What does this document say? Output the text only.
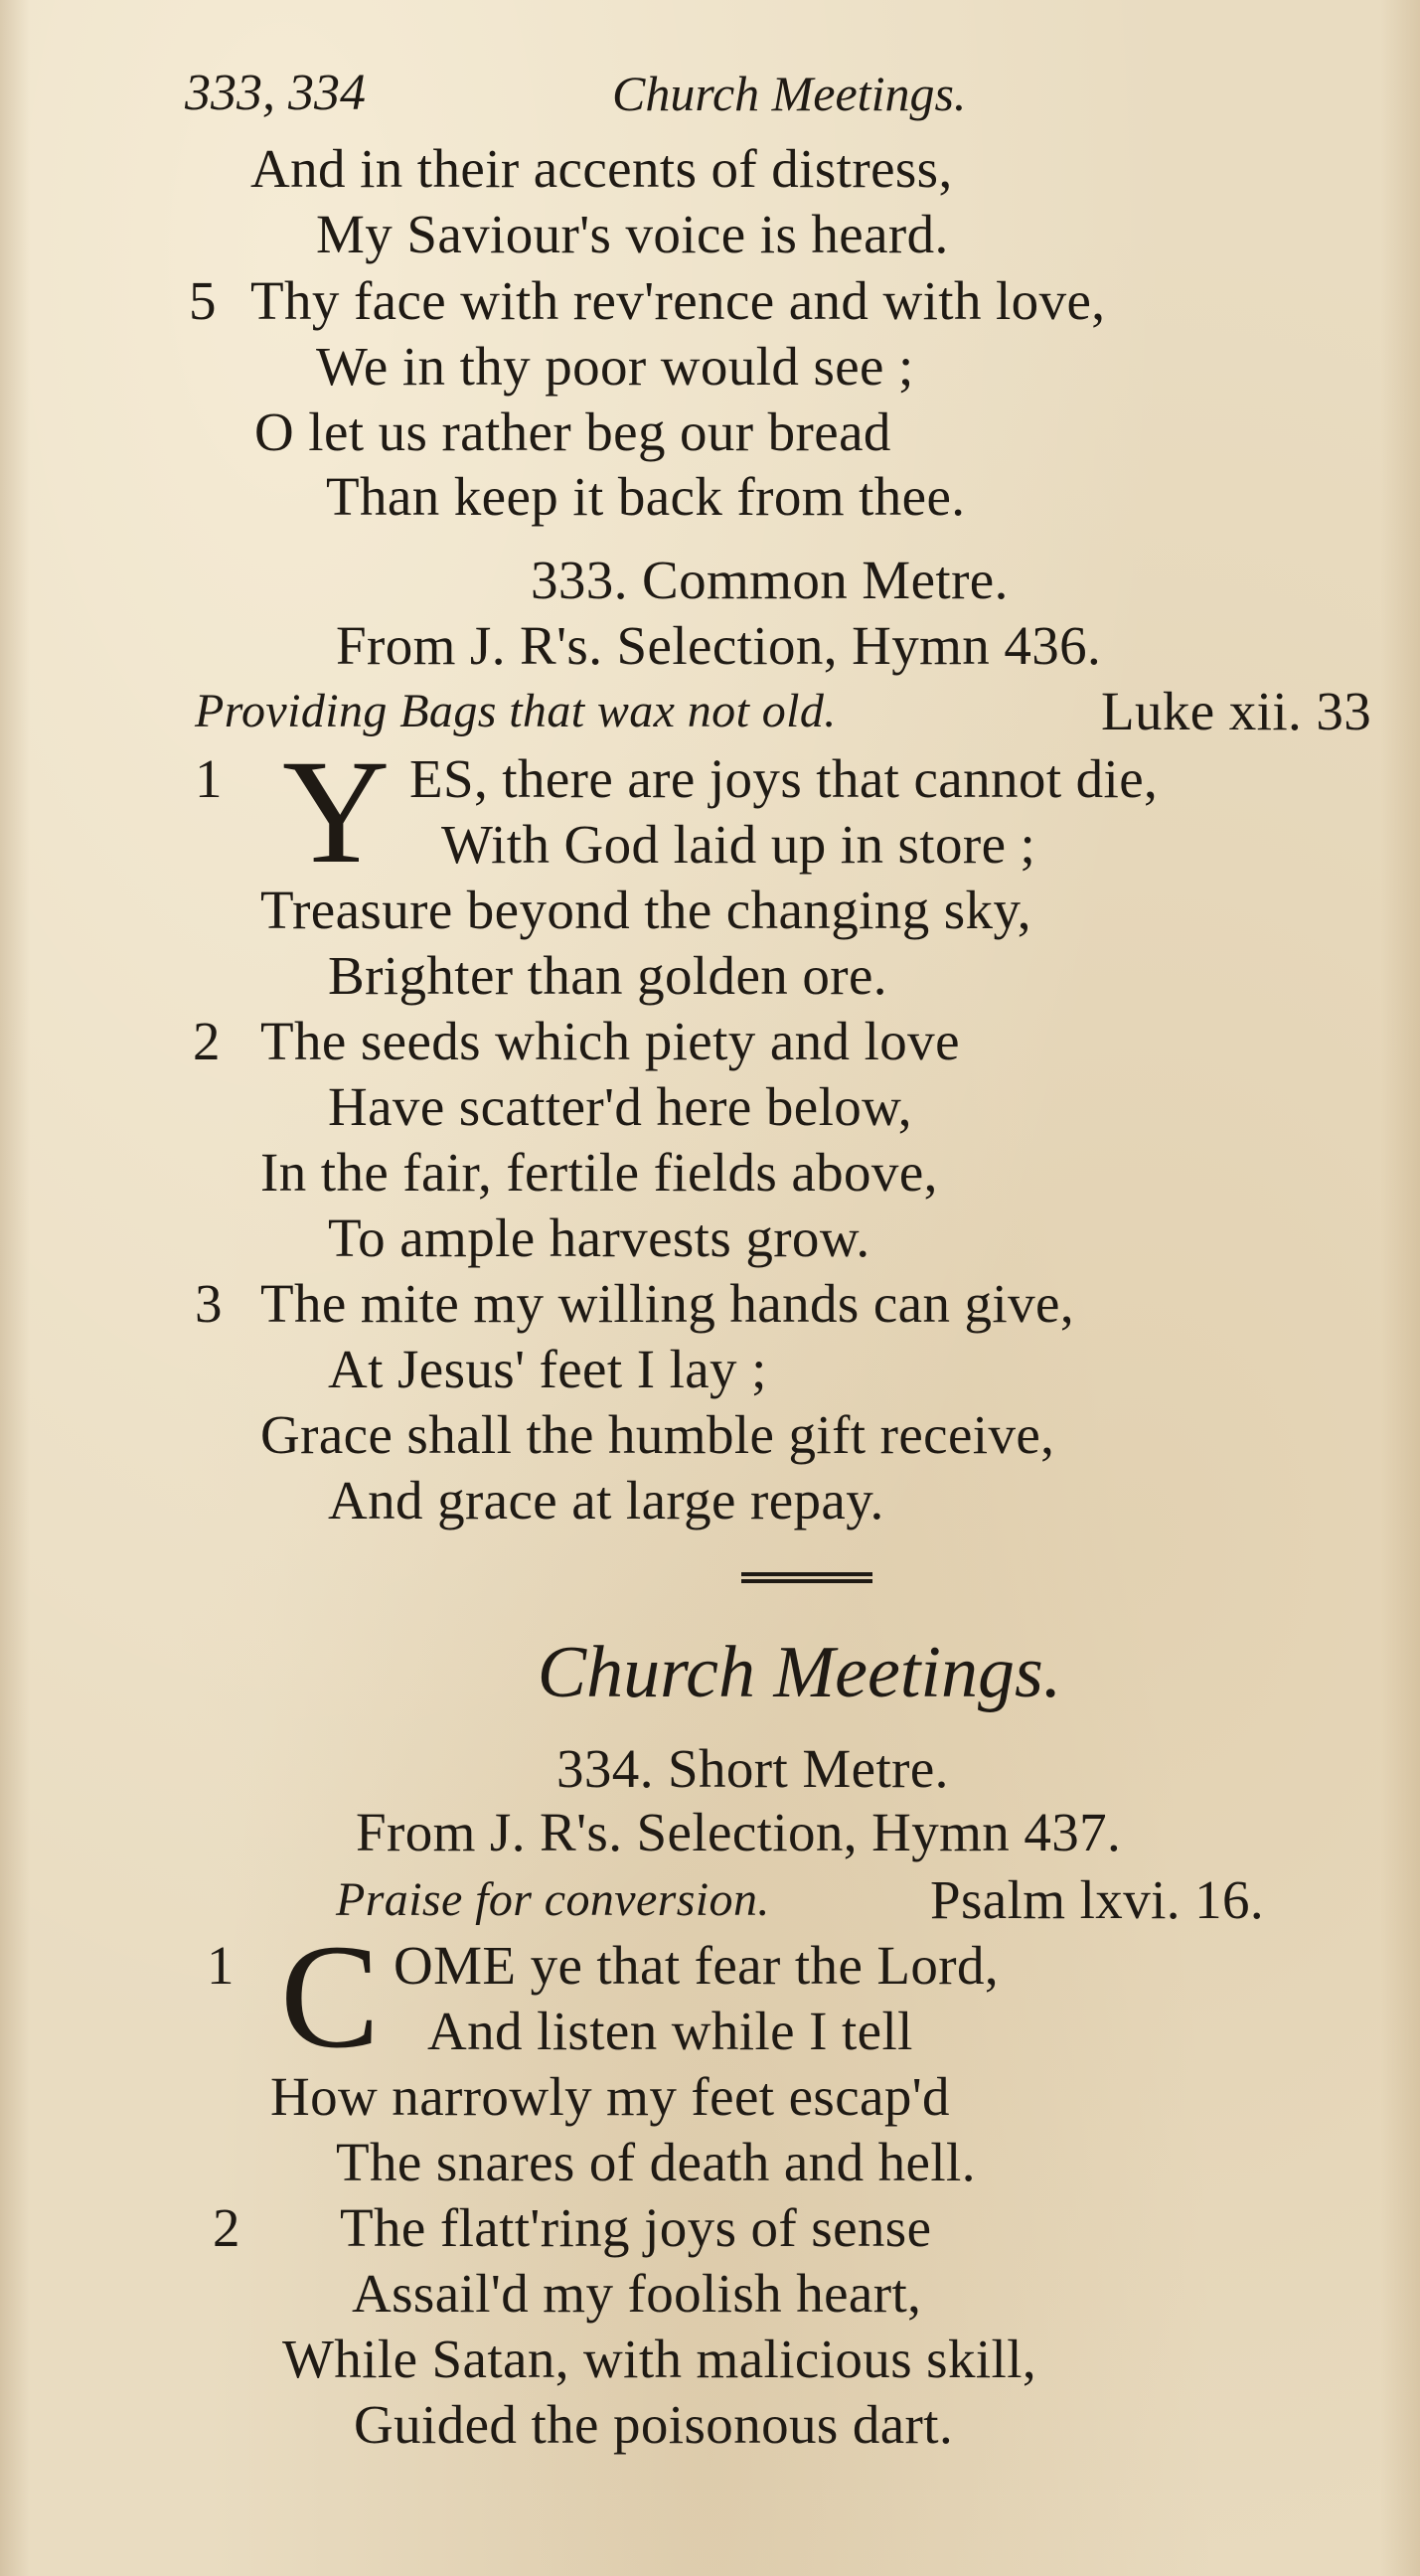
333, 334	Church Meetings.
And in their accents of distress,
My Saviour's voice is heard.
5 Thy face with rev'rence and with love,
We in thy poor would see ;
O let us rather beg our bread
Than keep it back from thee.
333. Common Metre.
From J. R's. Selection, Hymn 436.
Providing Bags that wax not old.	Luke xii. 33
1 Y ES, there are joys that cannot die,
With God laid up in store ;
Treasure beyond the changing sky,
Brighter than golden ore.
2 The seeds which piety and love
Have scatter'd here below,
In the fair, fertile fields above,
To ample harvests grow.
3 The mite my willing hands can give,
At Jesus' feet I lay ;
Grace shall the humble gift receive,
And grace at large repay.
Church Meetings.
334. Short Metre.
From J. R's. Selection, Hymn 437.
Praise for conversion.	Psalm lxvi. 16.
1 C OME ye that fear the Lord,
And listen while I tell
How narrowly my feet escap'd
The snares of death and hell.
2 The flatt'ring joys of sense
Assail'd my foolish heart,
While Satan, with malicious skill,
Guided the poisonous dart.
